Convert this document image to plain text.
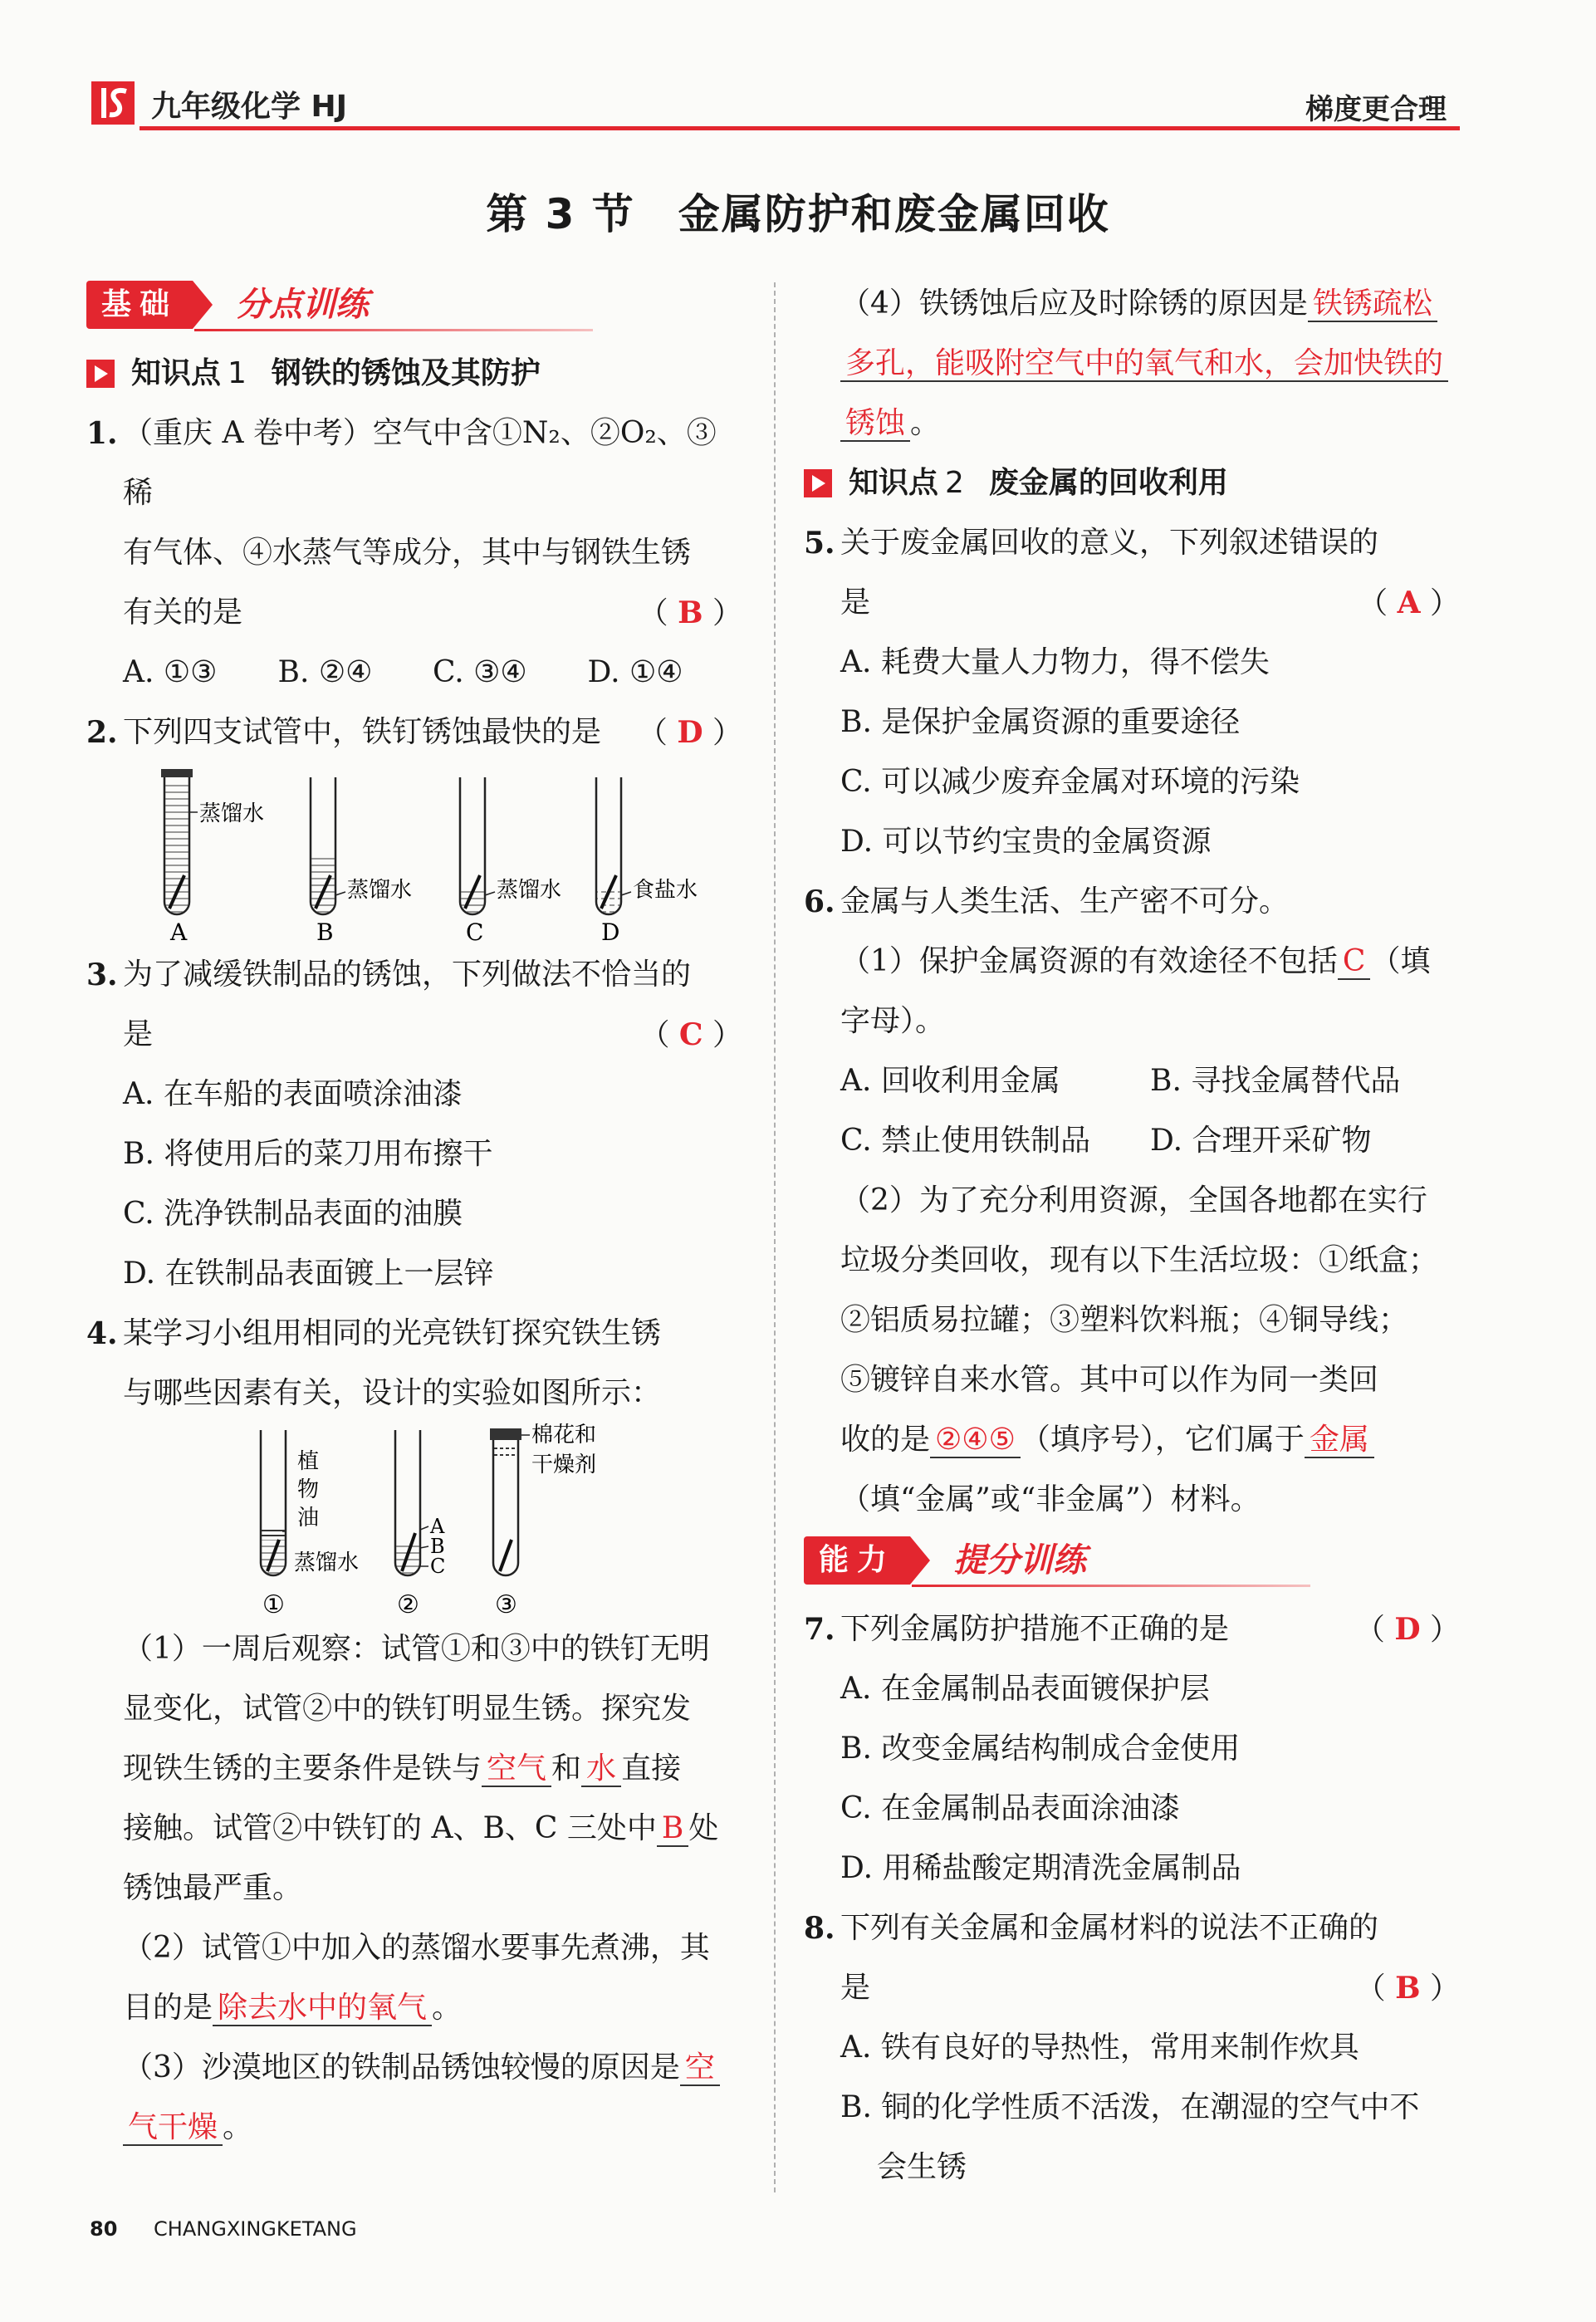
九年级化学 HJ	梯度更合理
第 3 节　金属防护和废金属回收
基础	分点训练
知识点 1 钢铁的锈蚀及其防护
1. （重庆 A 卷中考）空气中含①N₂、②O₂、③稀
有气体、④水蒸气等成分，其中与钢铁生锈
有关的是	（ B ）
A. ①③	B. ②④	C. ③④	D. ①④
2. 下列四支试管中，铁钉锈蚀最快的是 （ D ）
蒸馏水
蒸馏水	蒸馏水	食盐水
A	B	C	D
3. 为了减缓铁制品的锈蚀，下列做法不恰当的
是	（ C ）
A. 在车船的表面喷涂油漆
B. 将使用后的菜刀用布擦干
C. 洗净铁制品表面的油膜
D. 在铁制品表面镀上一层锌
4. 某学习小组用相同的光亮铁钉探究铁生锈
与哪些因素有关，设计的实验如图所示：
植 物 油
蒸馏水
A
B
C
棉花和
干燥剂
①	②	③
（1）一周后观察：试管①和③中的铁钉无明
显变化，试管②中的铁钉明显生锈。探究发
现铁生锈的主要条件是铁与 空气 和 水 直接
接触。试管②中铁钉的 A、B、C 三处中 B 处
锈蚀最严重。
（2）试管①中加入的蒸馏水要事先煮沸，其
目的是 除去水中的氧气 。
（3）沙漠地区的铁制品锈蚀较慢的原因是 空
气干燥 。
（4）铁锈蚀后应及时除锈的原因是 铁锈疏松
多孔，能吸附空气中的氧气和水，会加快铁的
锈蚀 。
知识点 2 废金属的回收利用
5. 关于废金属回收的意义，下列叙述错误的
是	（ A ）
A. 耗费大量人力物力，得不偿失
B. 是保护金属资源的重要途径
C. 可以减少废弃金属对环境的污染
D. 可以节约宝贵的金属资源
6. 金属与人类生活、生产密不可分。
（1）保护金属资源的有效途径不包括 C （填
字母）。
A. 回收利用金属	B. 寻找金属替代品
C. 禁止使用铁制品	D. 合理开采矿物
（2）为了充分利用资源，全国各地都在实行
垃圾分类回收，现有以下生活垃圾：①纸盒；
②铝质易拉罐；③塑料饮料瓶；④铜导线；
⑤镀锌自来水管。其中可以作为同一类回
收的是 ②④⑤ （填序号），它们属于 金属
（填“金属”或“非金属”）材料。
能力	提分训练
7. 下列金属防护措施不正确的是	（ D ）
A. 在金属制品表面镀保护层
B. 改变金属结构制成合金使用
C. 在金属制品表面涂油漆
D. 用稀盐酸定期清洗金属制品
8. 下列有关金属和金属材料的说法不正确的
是	（ B ）
A. 铁有良好的导热性，常用来制作炊具
B. 铜的化学性质不活泼，在潮湿的空气中不
会生锈
80 CHANGXINGKETANG
